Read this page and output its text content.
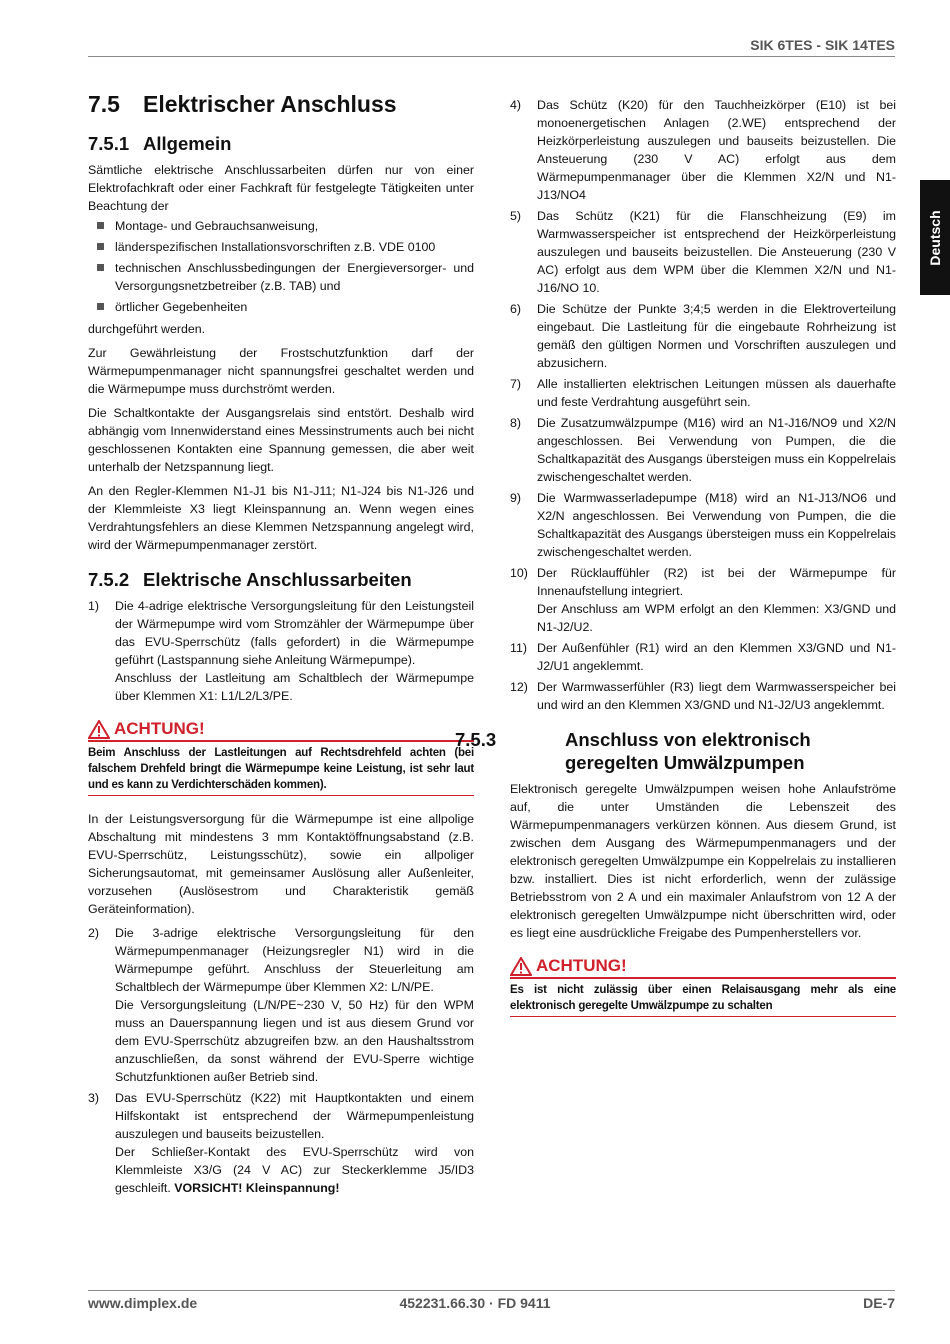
SIK 6TES - SIK 14TES
Deutsch
7.5 Elektrischer Anschluss
7.5.1 Allgemein

Sämtliche elektrische Anschlussarbeiten dürfen nur von einer Elektrofachkraft oder einer Fachkraft für festgelegte Tätigkeiten unter Beachtung der

Montage- und Gebrauchsanweisung,
länderspezifischen Installationsvorschriften z.B. VDE 0100
technischen Anschlussbedingungen der Energieversorger- und Versorgungsnetzbetreiber (z.B. TAB) und
örtlicher Gegebenheiten

durchgeführt werden.

Zur Gewährleistung der Frostschutzfunktion darf der Wärmepumpenmanager nicht spannungsfrei geschaltet werden und die Wärmepumpe muss durchströmt werden.

Die Schaltkontakte der Ausgangsrelais sind entstört. Deshalb wird abhängig vom Innenwiderstand eines Messinstruments auch bei nicht geschlossenen Kontakten eine Spannung gemessen, die aber weit unterhalb der Netzspannung liegt.

An den Regler-Klemmen N1-J1 bis N1-J11; N1-J24 bis N1-J26 und der Klemmleiste X3 liegt Kleinspannung an. Wenn wegen eines Verdrahtungsfehlers an diese Klemmen Netzspannung angelegt wird, wird der Wärmepumpenmanager zerstört.

7.5.2 Elektrische Anschlussarbeiten
1) Die 4-adrige elektrische Versorgungsleitung für den Leistungsteil der Wärmepumpe wird vom Stromzähler der Wärmepumpe über das EVU-Sperrschütz (falls gefordert) in die Wärmepumpe geführt (Lastspannung siehe Anleitung Wärmepumpe).
Anschluss der Lastleitung am Schaltblech der Wärmepumpe über Klemmen X1: L1/L2/L3/PE.
ACHTUNG!
Beim Anschluss der Lastleitungen auf Rechtsdrehfeld achten (bei falschem Drehfeld bringt die Wärmepumpe keine Leistung, ist sehr laut und es kann zu Verdichterschäden kommen).

In der Leistungsversorgung für die Wärmepumpe ist eine allpolige Abschaltung mit mindestens 3 mm Kontaktöffnungsabstand (z.B. EVU-Sperrschütz, Leistungsschütz), sowie ein allpoliger Sicherungsautomat, mit gemeinsamer Auslösung aller Außenleiter, vorzusehen (Auslösestrom und Charakteristik gemäß Geräteinformation).

2) Die 3-adrige elektrische Versorgungsleitung für den Wärmepumpenmanager (Heizungsregler N1) wird in die Wärmepumpe geführt. Anschluss der Steuerleitung am Schaltblech der Wärmepumpe über Klemmen X2: L/N/PE.
Die Versorgungsleitung (L/N/PE~230 V, 50 Hz) für den WPM muss an Dauerspannung liegen und ist aus diesem Grund vor dem EVU-Sperrschütz abzugreifen bzw. an den Haushaltsstrom anzuschließen, da sonst während der EVU-Sperre wichtige Schutzfunktionen außer Betrieb sind.
3) Das EVU-Sperrschütz (K22) mit Hauptkontakten und einem Hilfskontakt ist entsprechend der Wärmepumpenleistung auszulegen und bauseits beizustellen.
Der Schließer-Kontakt des EVU-Sperrschütz wird von Klemmleiste X3/G (24 V AC) zur Steckerklemme J5/ID3 geschleift. VORSICHT! Kleinspannung!
4) Das Schütz (K20) für den Tauchheizkörper (E10) ist bei monoenergetischen Anlagen (2.WE) entsprechend der Heizkörperleistung auszulegen und bauseits beizustellen. Die Ansteuerung (230 V AC) erfolgt aus dem Wärmepumpenmanager über die Klemmen X2/N und N1-J13/NO4
5) Das Schütz (K21) für die Flanschheizung (E9) im Warmwasserspeicher ist entsprechend der Heizkörperleistung auszulegen und bauseits beizustellen. Die Ansteuerung (230 V AC) erfolgt aus dem WPM über die Klemmen X2/N und N1-J16/NO 10.
6) Die Schütze der Punkte 3;4;5 werden in die Elektroverteilung eingebaut. Die Lastleitung für die eingebaute Rohrheizung ist gemäß den gültigen Normen und Vorschriften auszulegen und abzusichern.
7) Alle installierten elektrischen Leitungen müssen als dauerhafte und feste Verdrahtung ausgeführt sein.
8) Die Zusatzumwälzpumpe (M16) wird an N1-J16/NO9 und X2/N angeschlossen. Bei Verwendung von Pumpen, die die Schaltkapazität des Ausgangs übersteigen muss ein Koppelrelais zwischengeschaltet werden.
9) Die Warmwasserladepumpe (M18) wird an N1-J13/NO6 und X2/N angeschlossen. Bei Verwendung von Pumpen, die die Schaltkapazität des Ausgangs übersteigen muss ein Koppelrelais zwischengeschaltet werden.
10) Der Rücklauffühler (R2) ist bei der Wärmepumpe für Innenaufstellung integriert.
Der Anschluss am WPM erfolgt an den Klemmen: X3/GND und N1-J2/U2.
11) Der Außenfühler (R1) wird an den Klemmen X3/GND und N1-J2/U1 angeklemmt.
12) Der Warmwasserfühler (R3) liegt dem Warmwasserspeicher bei und wird an den Klemmen X3/GND und N1-J2/U3 angeklemmt.
7.5.3	Anschluss von elektronisch geregelten Umwälzpumpen

Elektronisch geregelte Umwälzpumpen weisen hohe Anlaufströme auf, die unter Umständen die Lebenszeit des Wärmepumpenmanagers verkürzen können. Aus diesem Grund, ist zwischen dem Ausgang des Wärmepumpenmanagers und der elektronisch geregelten Umwälzpumpe ein Koppelrelais zu installieren bzw. installiert. Dies ist nicht erforderlich, wenn der zulässige Betriebsstrom von 2 A und ein maximaler Anlaufstrom von 12 A der elektronisch geregelten Umwälzpumpe nicht überschritten wird, oder es liegt eine ausdrückliche Freigabe des Pumpenherstellers vor.

ACHTUNG!
Es ist nicht zulässig über einen Relaisausgang mehr als eine elektronisch geregelte Umwälzpumpe zu schalten
www.dimplex.de	452231.66.30 · FD 9411	DE-7
